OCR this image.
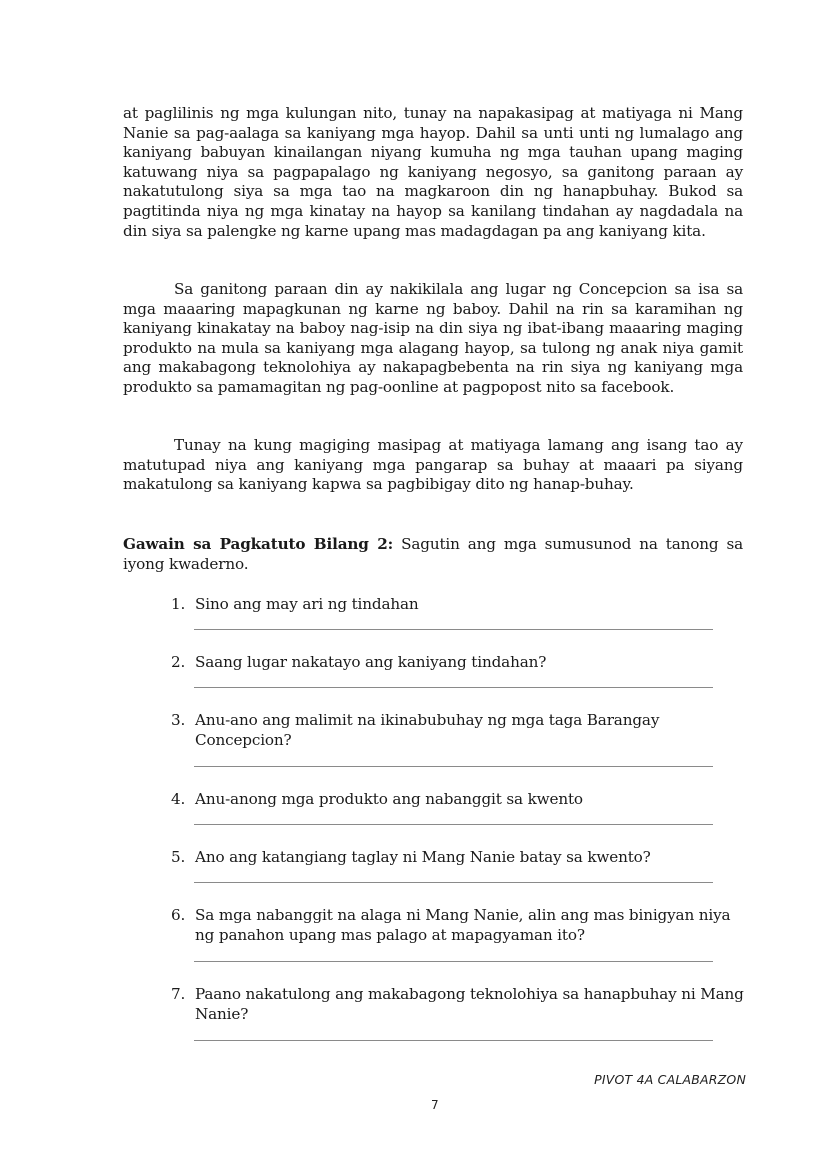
at paglilinis ng mga kulungan nito, tunay na napakasipag at matiyaga ni Mang Nanie sa pag-aalaga sa kaniyang mga hayop. Dahil sa unti unti ng lumalago ang kaniyang babuyan kinailangan niyang kumuha ng mga tauhan upang maging katuwang niya sa pagpapalago ng kaniyang negosyo, sa ganitong paraan ay nakatutulong siya sa mga tao na magkaroon din ng hanapbuhay. Bukod sa pagtitinda niya ng mga kinatay na hayop sa kanilang tindahan ay nagdadala na din siya sa palengke ng karne upang mas madagdagan pa ang kaniyang kita.

Sa ganitong paraan din ay nakikilala ang lugar ng Concepcion sa isa sa mga maaaring mapagkunan ng karne ng baboy. Dahil na rin sa karamihan ng kaniyang kinakatay na baboy nag-isip na din siya ng ibat-ibang maaaring maging produkto na mula sa kaniyang mga alagang hayop, sa tulong ng anak niya gamit ang makabagong teknolohiya ay nakapagbebenta na rin siya ng kaniyang mga produkto sa pamamagitan ng pag-oonline at pagpopost nito sa facebook.

Tunay na kung magiging masipag at matiyaga lamang ang isang tao ay matutupad niya ang kaniyang mga pangarap sa buhay at maaari pa siyang makatulong sa kaniyang kapwa sa pagbibigay dito ng hanap-buhay.

Gawain sa Pagkatuto Bilang 2: Sagutin ang mga sumusunod na tanong sa iyong kwaderno.

1. Sino ang may ari ng tindahan
2. Saang lugar nakatayo ang kaniyang tindahan?
3. Anu-ano ang malimit na ikinabubuhay ng mga taga Barangay Concepcion?
4. Anu-anong mga produkto ang nabanggit sa kwento
5. Ano ang katangiang taglay ni Mang Nanie batay sa kwento?
6. Sa mga nabanggit na alaga ni Mang Nanie, alin ang mas binigyan niya ng panahon upang mas palago at mapagyaman ito?
7. Paano nakatulong ang makabagong teknolohiya sa hanapbuhay ni Mang Nanie?
PIVOT 4A CALABARZON
7
